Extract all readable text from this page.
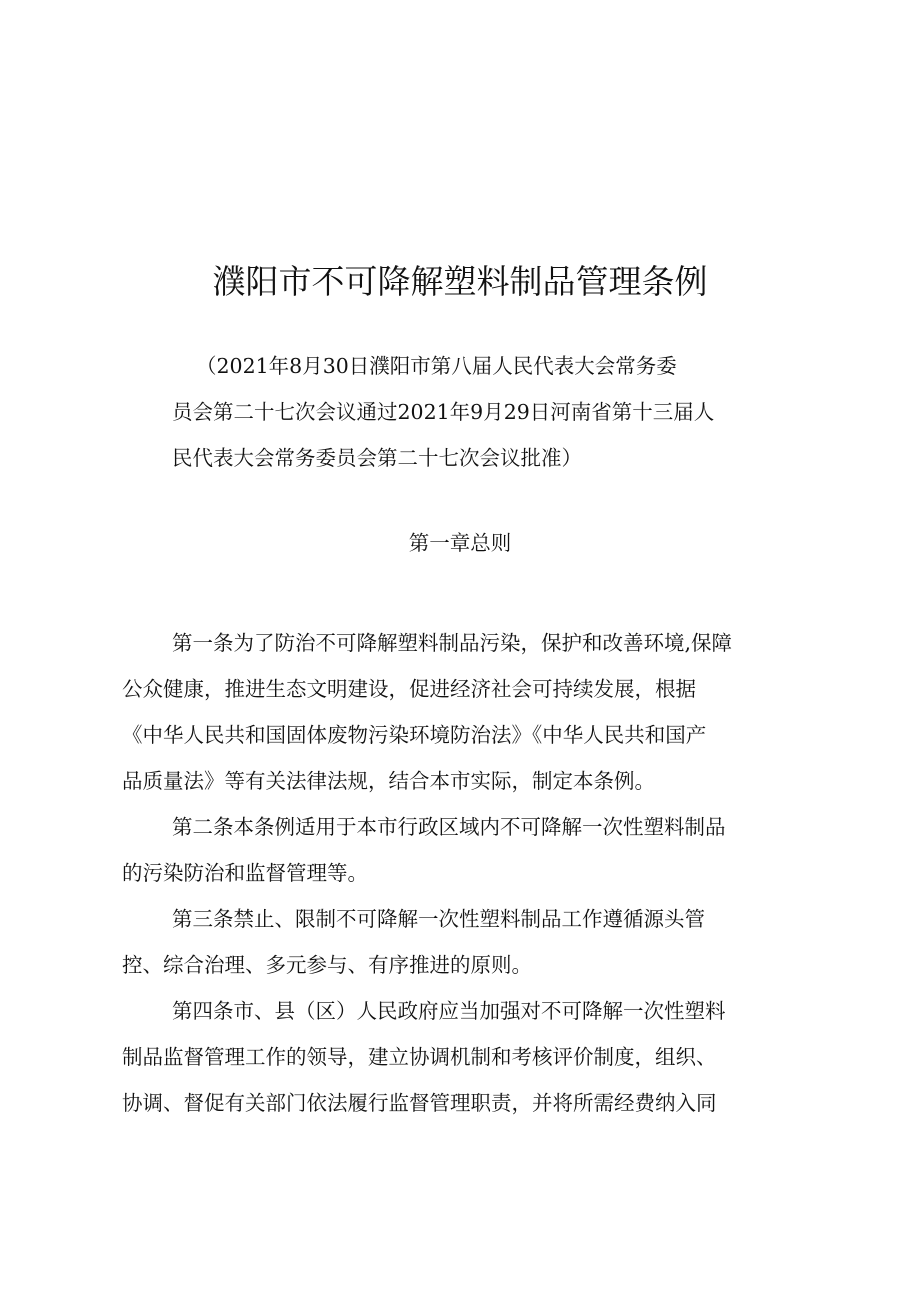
濮阳市不可降解塑料制品管理条例
（2021年8月30日濮阳市第八届人民代表大会常务委
员会第二十七次会议通过2021年9月29日河南省第十三届人
民代表大会常务委员会第二十七次会议批准）
第一章总则
第一条为了防治不可降解塑料制品污染，保护和改善环境,保障
公众健康，推进生态文明建设，促进经济社会可持续发展，根据
《中华人民共和国固体废物污染环境防治法》《中华人民共和国产
品质量法》等有关法律法规，结合本市实际，制定本条例。
第二条本条例适用于本市行政区域内不可降解一次性塑料制品
的污染防治和监督管理等。
第三条禁止、限制不可降解一次性塑料制品工作遵循源头管
控、综合治理、多元参与、有序推进的原则。
第四条市、县（区）人民政府应当加强对不可降解一次性塑料
制品监督管理工作的领导，建立协调机制和考核评价制度，组织、
协调、督促有关部门依法履行监督管理职责，并将所需经费纳入同
